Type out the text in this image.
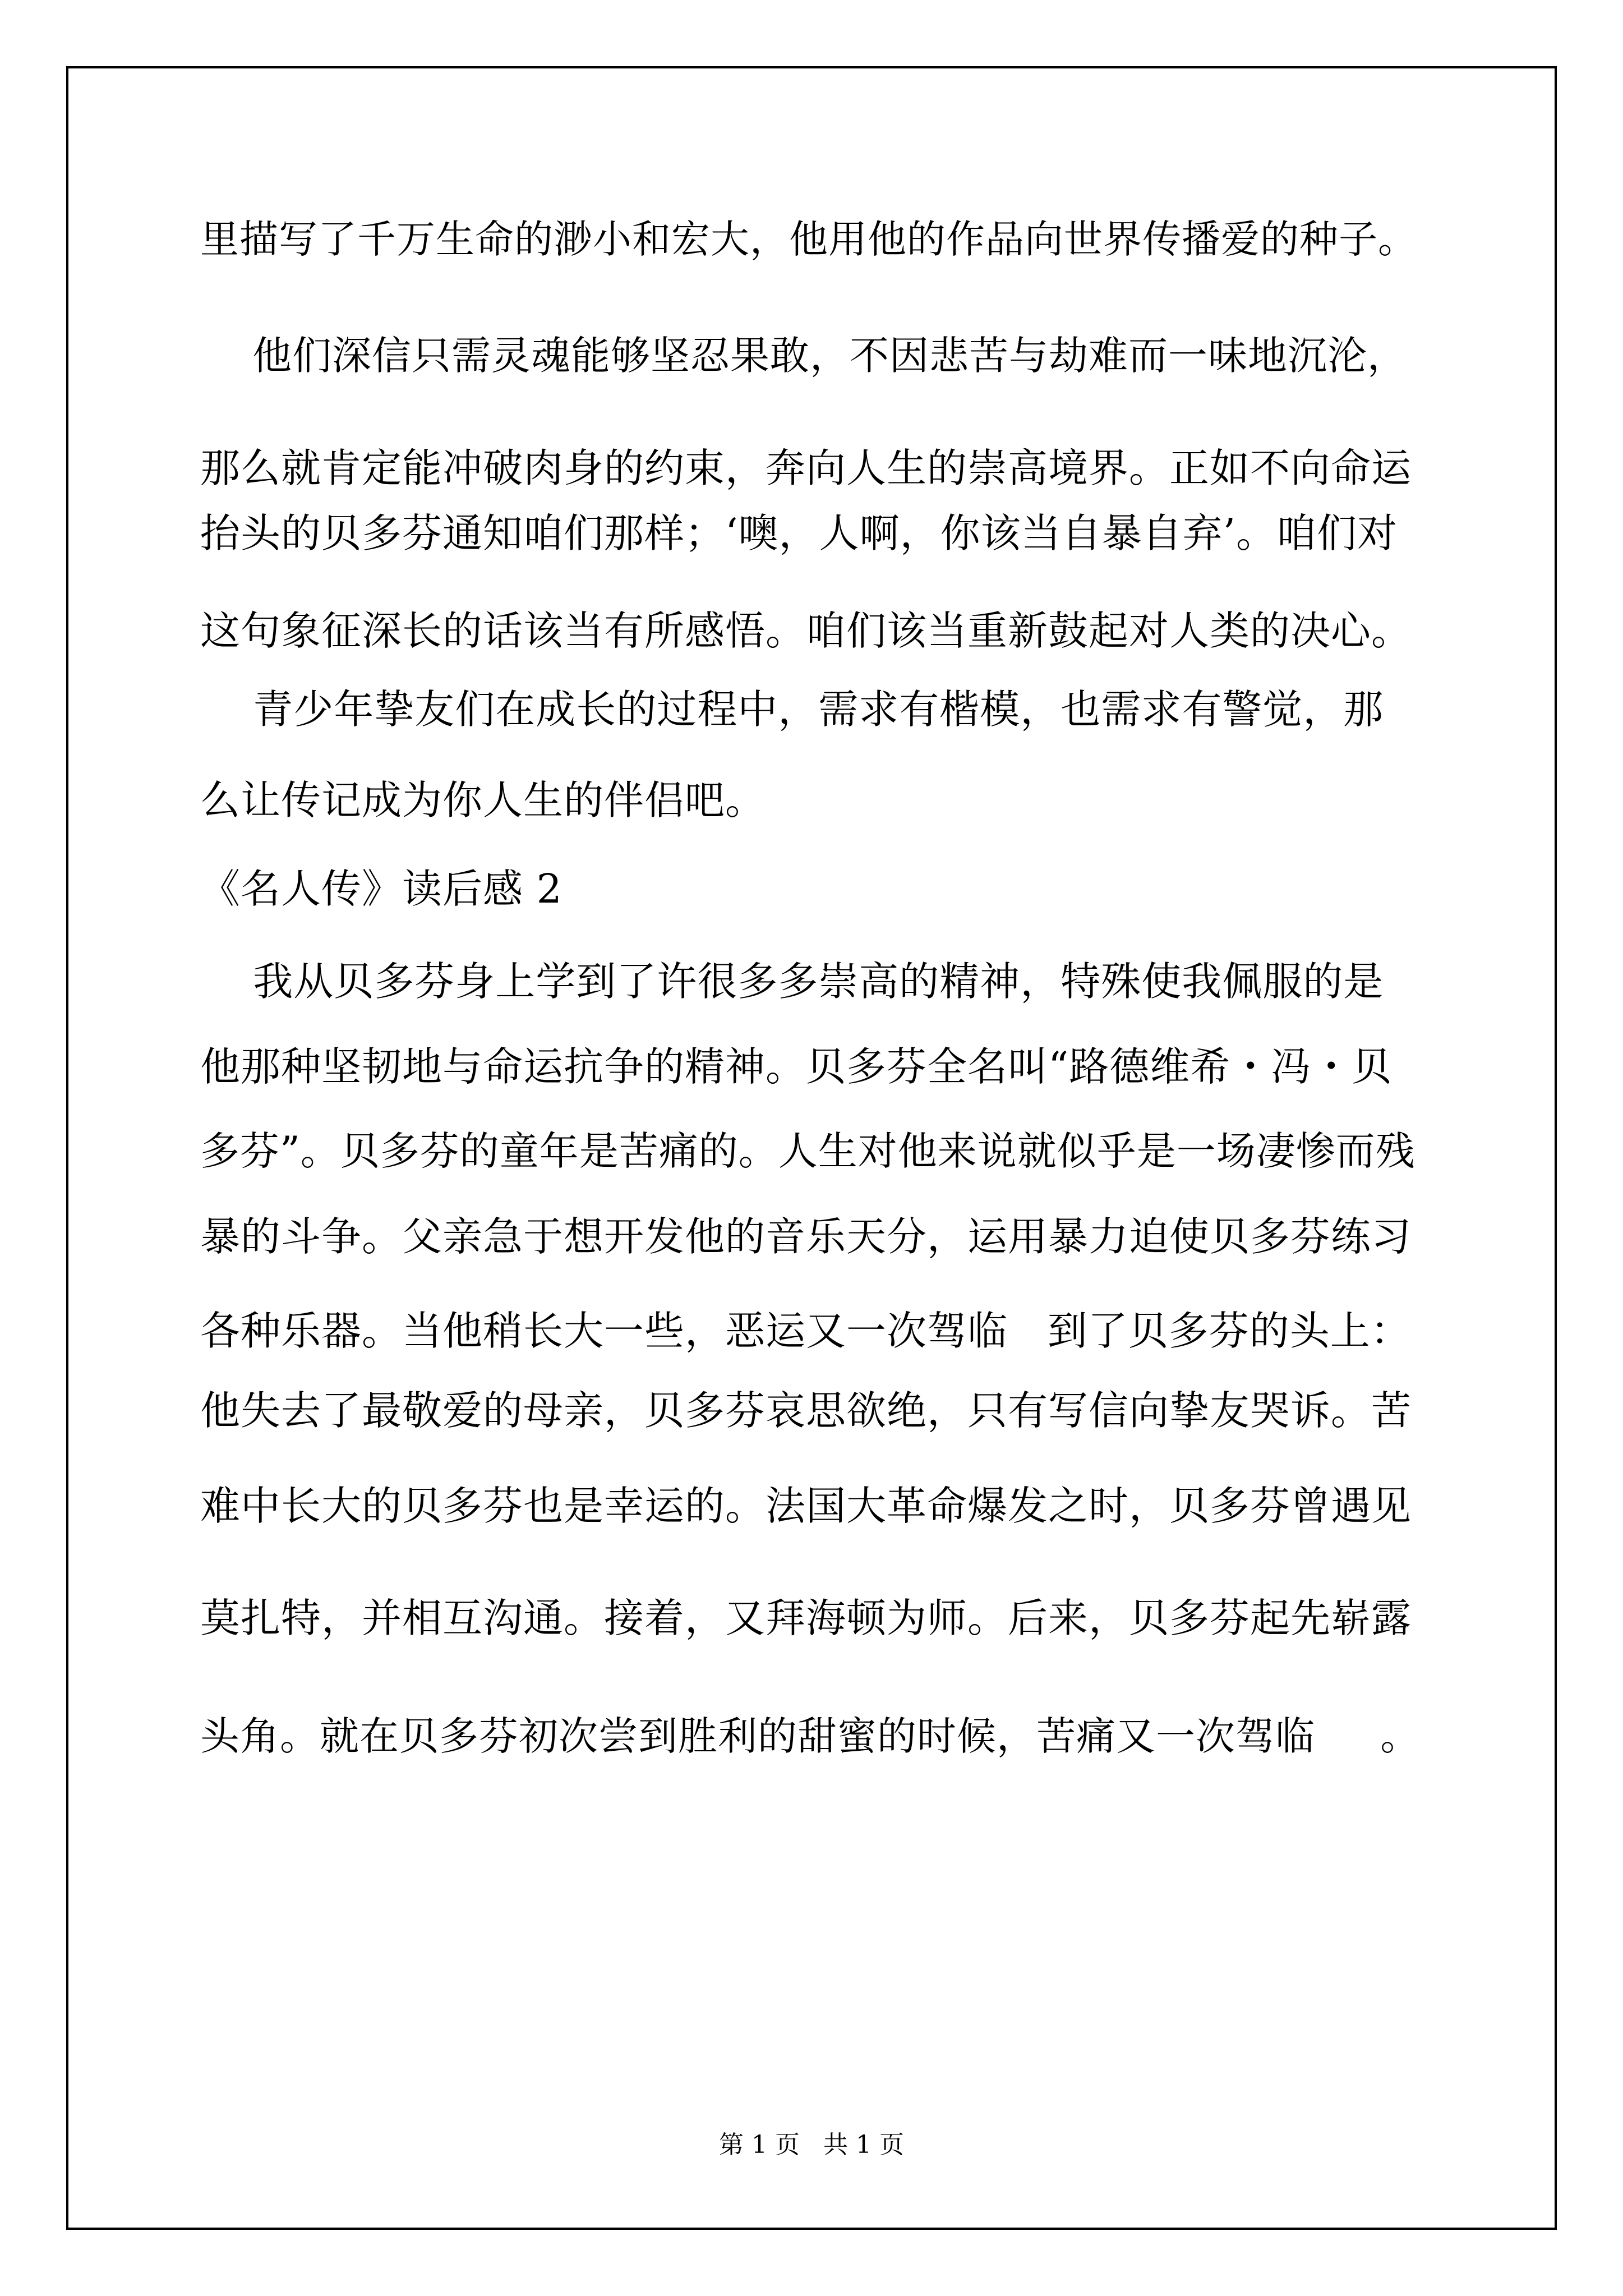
里描写了千万生命的渺小和宏大，他用他的作品向世界传播爱的种子。
他们深信只需灵魂能够坚忍果敢，不因悲苦与劫难而一味地沉沦，
那么就肯定能冲破肉身的约束，奔向人生的崇高境界。正如不向命运
抬头的贝多芬通知咱们那样；‘噢，人啊，你该当自暴自弃’。咱们对
这句象征深长的话该当有所感悟。咱们该当重新鼓起对人类的决心。
青少年挚友们在成长的过程中，需求有楷模，也需求有警觉，那
么让传记成为你人生的伴侣吧。
《名人传》读后感 2
我从贝多芬身上学到了许很多多崇高的精神，特殊使我佩服的是
他那种坚韧地与命运抗争的精神。贝多芬全名叫“路德维希・冯・贝
多芬”。贝多芬的童年是苦痛的。人生对他来说就似乎是一场凄惨而残
暴的斗争。父亲急于想开发他的音乐天分，运用暴力迫使贝多芬练习
各种乐器。当他稍长大一些，恶运又一次驾临   到了贝多芬的头上：
他失去了最敬爱的母亲，贝多芬哀思欲绝，只有写信向挚友哭诉。苦
难中长大的贝多芬也是幸运的。法国大革命爆发之时，贝多芬曾遇见
莫扎特，并相互沟通。接着，又拜海顿为师。后来，贝多芬起先崭露
头角。就在贝多芬初次尝到胜利的甜蜜的时候，苦痛又一次驾临     。
第 1 页   共 1 页
